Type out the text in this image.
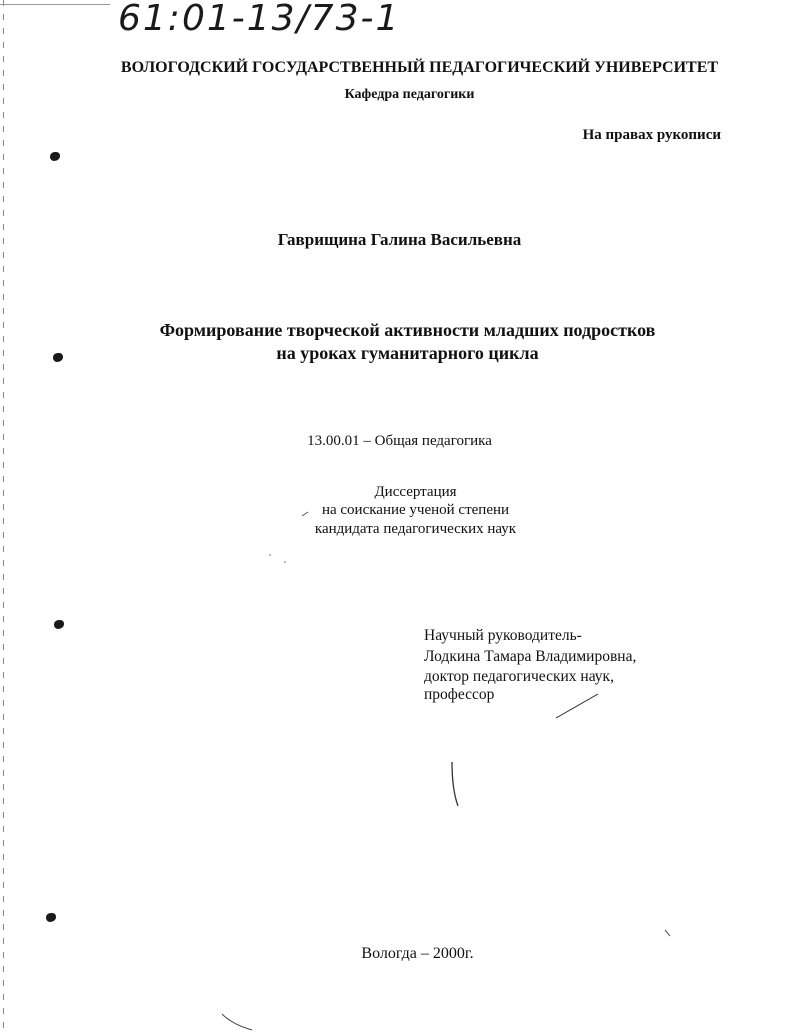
61:01-13/73-1
ВОЛОГОДСКИЙ ГОСУДАРСТВЕННЫЙ ПЕДАГОГИЧЕСКИЙ УНИВЕРСИТЕТ
Кафедра педагогики
На правах рукописи
Гаврищина Галина Васильевна
Формирование творческой активности младших подростков
на уроках гуманитарного цикла
13.00.01 – Общая педагогика
Диссертация
на соискание ученой степени
кандидата педагогических наук
Научный руководитель-
Лодкина Тамара Владимировна,
доктор педагогических наук,
профессор
Вологда – 2000г.
